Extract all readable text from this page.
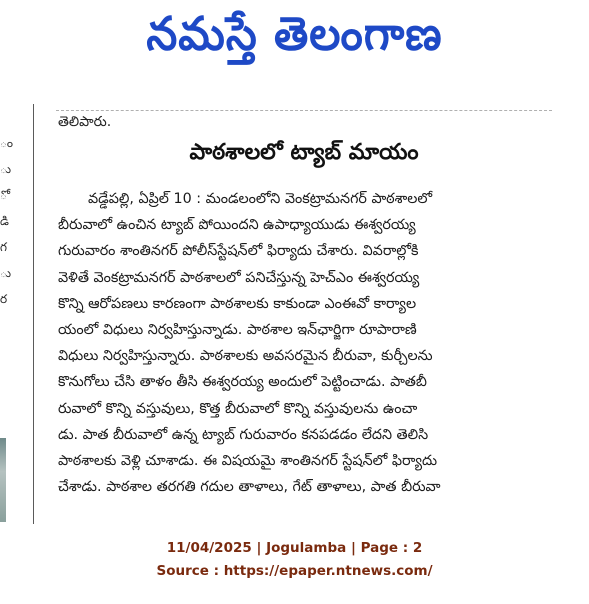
నమస్తే తెలంగాణ
ం
ు
ో
డి
గ
ు
ర
తెలిపారు.
పాఠశాలలో ట్యాబ్ మాయం
వడ్డేపల్లి, ఏప్రిల్ 10 : మండలంలోని వెంకట్రామనగర్ పాఠశాలలో
బీరువాలో ఉంచిన ట్యాబ్ పోయిందని ఉపాధ్యాయుడు ఈశ్వరయ్య
గురువారం శాంతినగర్ పోలీస్‌స్టేషన్‌లో ఫిర్యాదు చేశారు. వివరాల్లోకి
వెళితే వెంకట్రామనగర్ పాఠశాలలో పనిచేస్తున్న హెచ్‌ఎం ఈశ్వరయ్య
కొన్ని ఆరోపణలు కారణంగా పాఠశాలకు కాకుండా ఎంఈవో కార్యాల
యంలో విధులు నిర్వహిస్తున్నాడు. పాఠశాల ఇన్‌ఛార్జిగా రూపారాణి
విధులు నిర్వహిస్తున్నారు. పాఠశాలకు అవసరమైన బీరువా, కుర్చీలను
కొనుగోలు చేసి తాళం తీసి ఈశ్వరయ్య అందులో పెట్టించాడు. పాతబీ
రువాలో కొన్ని వస్తువులు, కొత్త బీరువాలో కొన్ని వస్తువులను ఉంచా
డు. పాత బీరువాలో ఉన్న ట్యాబ్ గురువారం కనపడడం లేదని తెలిసి
పాఠశాలకు వెళ్లి చూశాడు. ఈ విషయమై శాంతినగర్ స్టేషన్‌లో ఫిర్యాదు
చేశాడు. పాఠశాల తరగతి గదుల తాళాలు, గేట్ తాళాలు, పాత బీరువా
11/04/2025 | Jogulamba | Page : 2
Source : https://epaper.ntnews.com/
